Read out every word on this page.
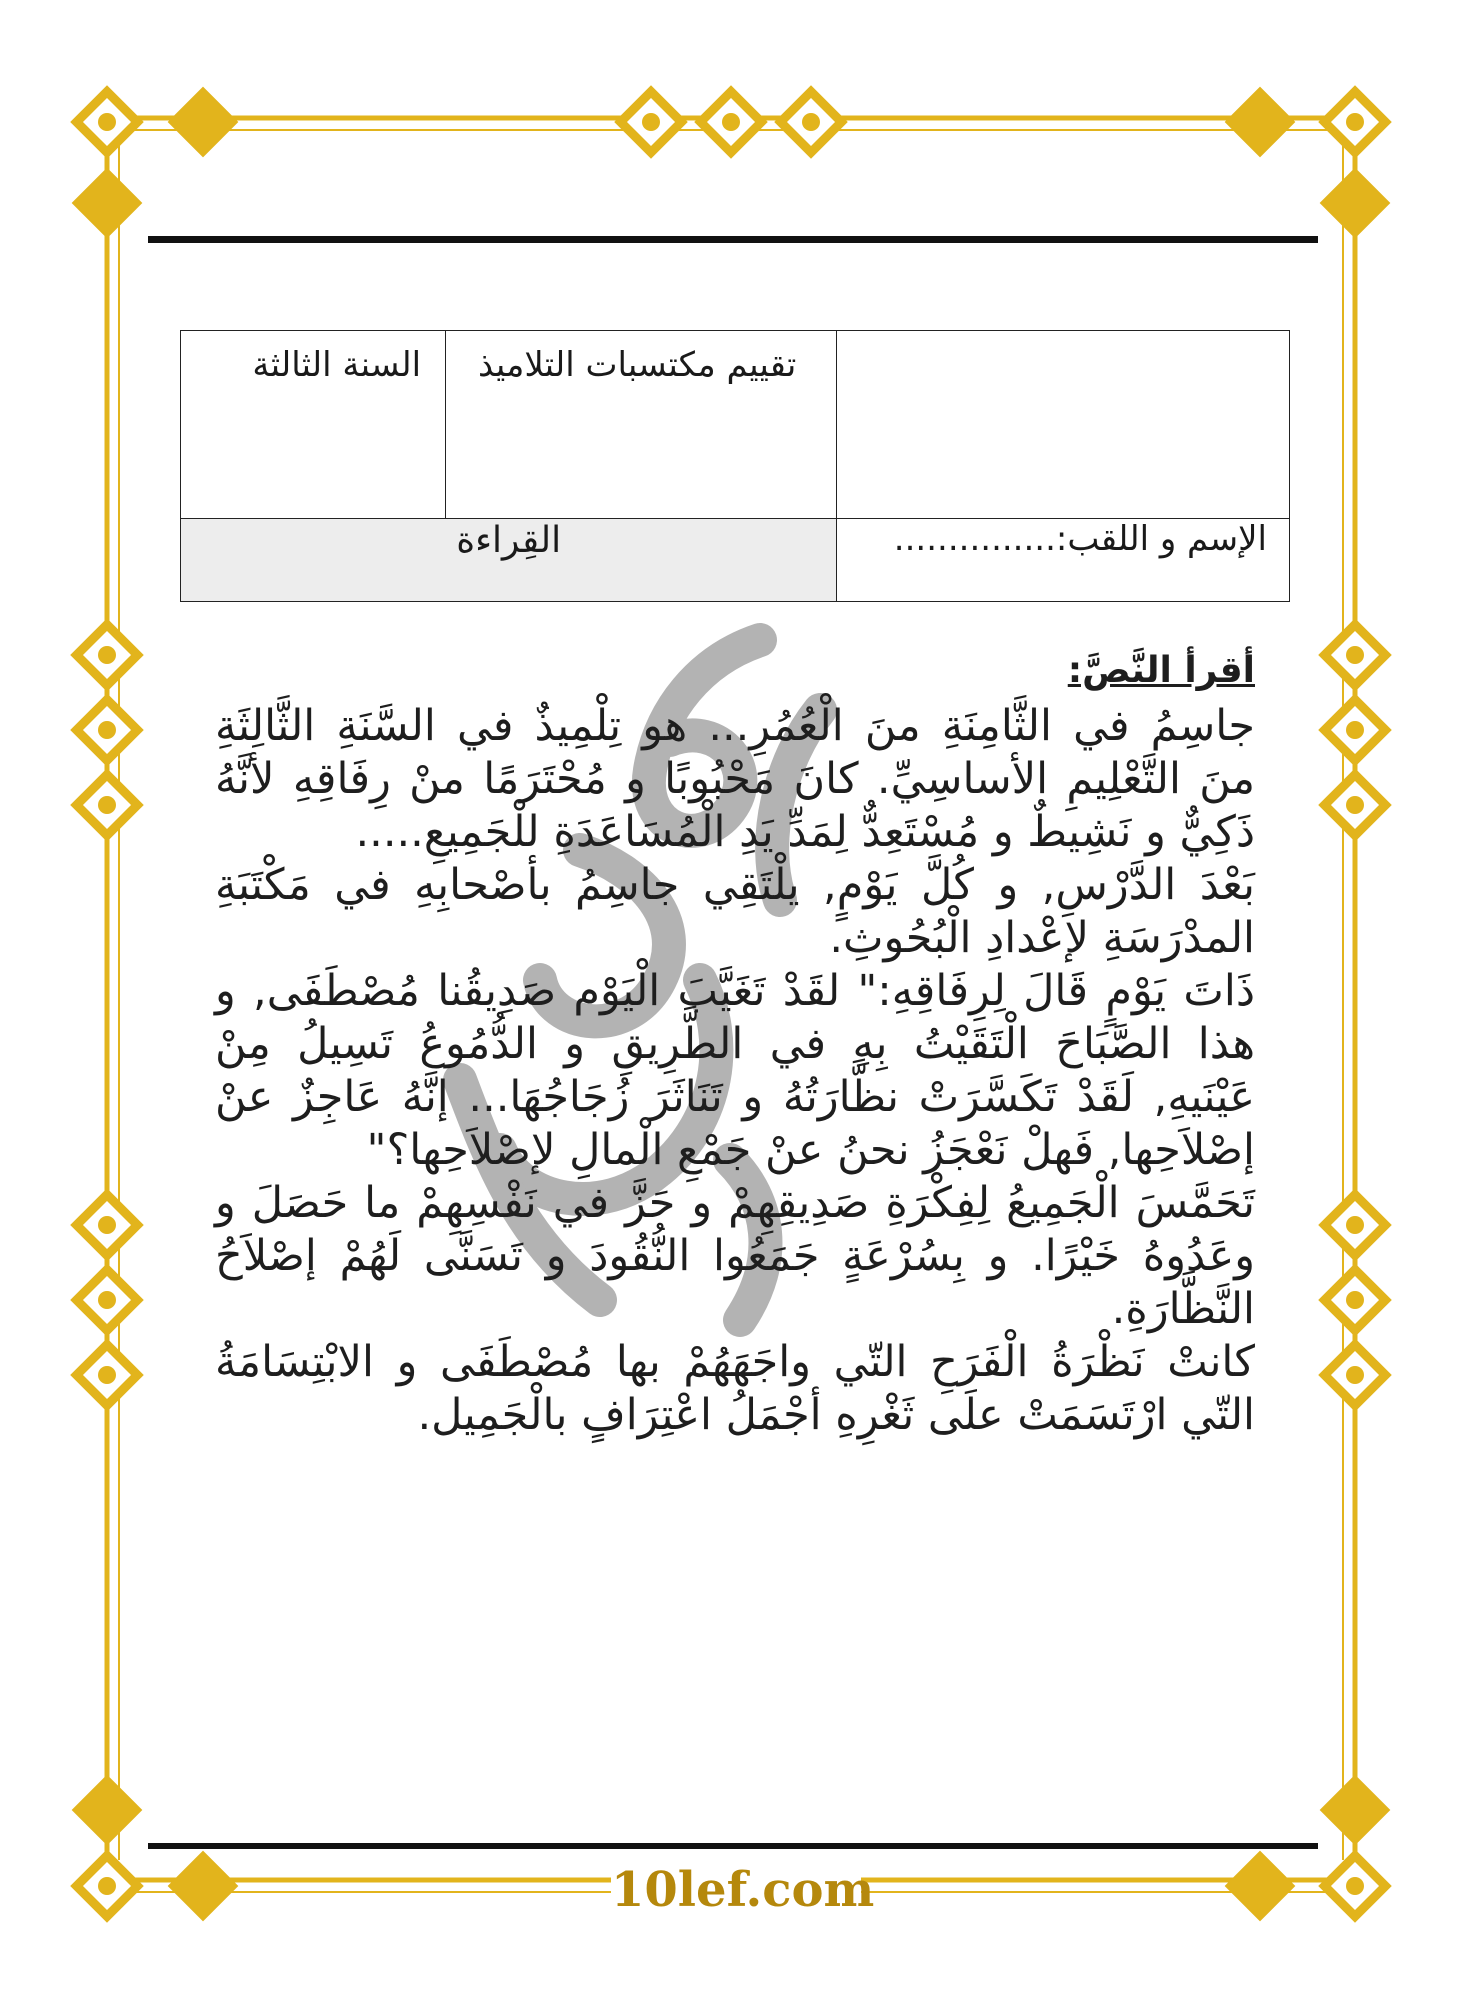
	تقييم مكتسبات التلاميذ	السنة الثالثة
الإسم و اللقب:...............	القِراءة	
أقرأ النَّصَّ:

جاسِمُ في الثَّامِنَةِ منَ الْعُمُرِ... هو تِلْمِيذٌ في السَّنَةِ الثَّالِثَةِ منَ التَّعْلِيمِ الأساسِيِّ. كانَ مَحْبُوبًا و مُحْتَرَمًا منْ رِفَاقِهِ لأنَّهُ ذَكِيٌّ و نَشِيطٌ و مُسْتَعِدٌّ لِمَدِّ يَدِ الْمُسَاعَدَةِ للْجَمِيعِ.....

بَعْدَ الدَّرْسِ, و كُلَّ يَوْمٍ, يلْتَقِي جاسِمُ بأصْحابِهِ في مَكْتَبَةِ المدْرَسَةِ لإعْدادِ الْبُحُوثِ.

ذَاتَ يَوْمٍ قَالَ لِرِفَاقِهِ:" لقَدْ تَغَيَّبَ الْيَوْم صَدِيقُنا مُصْطَفَى, و هذا الصَّبَاحَ الْتَقَيْتُ بِهِ في الطَّرِيقِ و الدُّمُوعُ تَسِيلُ مِنْ عَيْنَيهِ, لَقَدْ تَكَسَّرَتْ نظَّارَتُهُ و تَنَاثَرَ زُجَاجُهَا... إنَّهُ عَاجِزٌ عنْ إصْلاَحِها, فَهلْ نَعْجَزُ نحنُ عنْ جَمْعِ الْمالِ لإصْلاَحِها؟"

تَحَمَّسَ الْجَمِيعُ لِفِكْرَةِ صَدِيقِهِمْ و حَزَّ في نَفْسِهِمْ ما حَصَلَ و وعَدُوهُ خَيْرًا. و بِسُرْعَةٍ جَمَعُوا النُّقُودَ و تَسَنَّى لَهُمْ إصْلاَحُ النَّظَّارَةِ.

كانتْ نَظْرَةُ الْفَرَحِ التّي واجَهَهُمْ بها مُصْطَفَى و الابْتِسَامَةُ التّي ارْتَسَمَتْ علَى ثَغْرِهِ أجْمَلُ اعْتِرَافٍ بالْجَمِيل.

10lef.com
